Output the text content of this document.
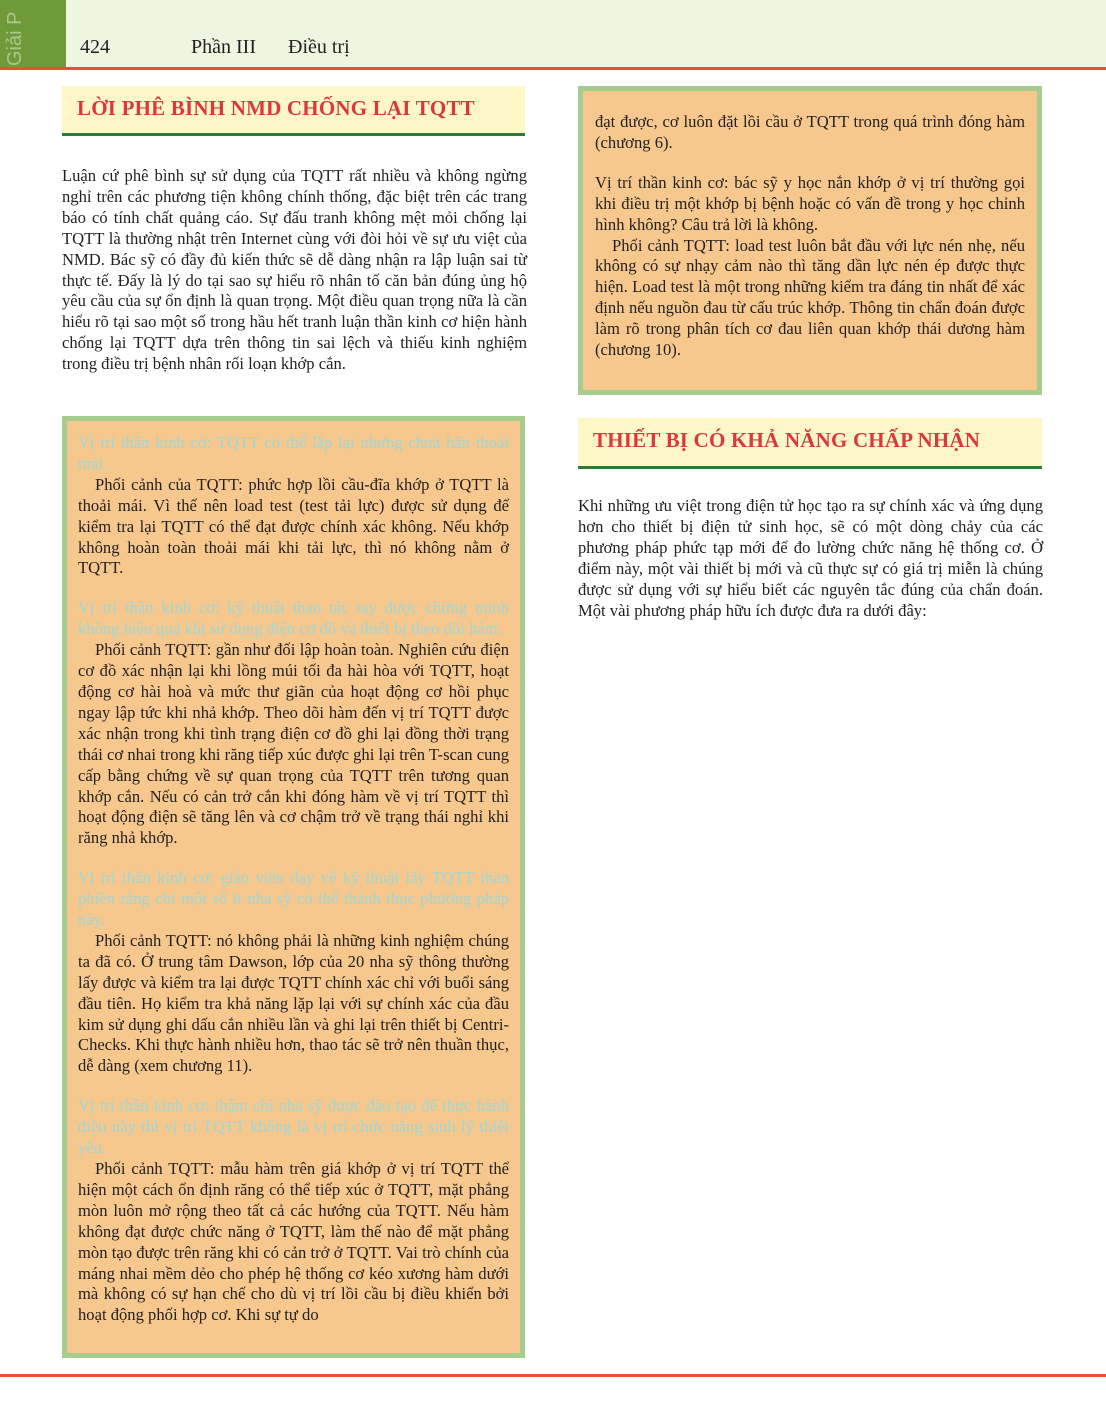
Giải P	424	Phần III Điều trị
LỜI PHÊ BÌNH NMD CHỐNG LẠI TQTT

Luận cứ phê bình sự sử dụng của TQTT rất nhiều và không ngừng nghỉ trên các phương tiện không chính thống, đặc biệt trên các trang báo có tính chất quảng cáo. Sự đấu tranh không mệt mỏi chống lại TQTT là thường nhật trên Internet cùng với đòi hỏi về sự ưu việt của NMD. Bác sỹ có đầy đủ kiến thức sẽ dễ dàng nhận ra lập luận sai từ thực tế. Đấy là lý do tại sao sự hiểu rõ nhân tố căn bản đúng ủng hộ yêu cầu của sự ổn định là quan trọng. Một điều quan trọng nữa là cần hiểu rõ tại sao một số trong hầu hết tranh luận thần kinh cơ hiện hành chống lại TQTT dựa trên thông tin sai lệch và thiếu kinh nghiệm trong điều trị bệnh nhân rối loạn khớp cắn.

Vị trí thần kinh cơ: TQTT có thể lặp lại nhưng chưa hẳn thoải mái

Phối cảnh của TQTT: phức hợp lồi cầu-đĩa khớp ở TQTT là thoải mái. Vì thế nên load test (test tải lực) được sử dụng để kiểm tra lại TQTT có thể đạt được chính xác không. Nếu khớp không hoàn toàn thoải mái khi tải lực, thì nó không nằm ở TQTT.

Vị trí thần kinh cơ: kỹ thuật thao tác tay được chứng minh không hiệu quả khi sử dụng điện cơ đồ và thiết bị theo dõi hàm.

Phối cảnh TQTT: gần như đối lập hoàn toàn. Nghiên cứu điện cơ đồ xác nhận lại khi lồng múi tối đa hài hòa với TQTT, hoạt động cơ hài hoà và mức thư giãn của hoạt động cơ hồi phục ngay lập tức khi nhả khớp. Theo dõi hàm đến vị trí TQTT được xác nhận trong khi tình trạng điện cơ đồ ghi lại đồng thời trạng thái cơ nhai trong khi răng tiếp xúc được ghi lại trên T-scan cung cấp bằng chứng về sự quan trọng của TQTT trên tương quan khớp cắn. Nếu có cản trở cắn khi đóng hàm về vị trí TQTT thì hoạt động điện sẽ tăng lên và cơ chậm trở về trạng thái nghỉ khi răng nhả khớp.

Vị trí thần kinh cơ: giáo viên dạy về kỹ thuật lấy TQTT than phiền rằng chỉ một số ít nha sỹ có thể thành thục phương pháp này.

Phối cảnh TQTT: nó không phải là những kinh nghiệm chúng ta đã có. Ở trung tâm Dawson, lớp của 20 nha sỹ thông thường lấy được và kiểm tra lại được TQTT chính xác chỉ với buổi sáng đầu tiên. Họ kiểm tra khả năng lặp lại với sự chính xác của đầu kim sử dụng ghi dấu cắn nhiều lần và ghi lại trên thiết bị Centri-Checks. Khi thực hành nhiều hơn, thao tác sẽ trở nên thuần thục, dễ dàng (xem chương 11).

Vị trí thần kinh cơ: thậm chí nha sỹ được đào tạo để thực hành điều này thì vị trí TQTT không là vị trí chức năng sinh lý thiết yếu.

Phối cảnh TQTT: mẫu hàm trên giá khớp ở vị trí TQTT thể hiện một cách ổn định răng có thể tiếp xúc ở TQTT, mặt phẳng mòn luôn mở rộng theo tất cả các hướng của TQTT. Nếu hàm không đạt được chức năng ở TQTT, làm thế nào để mặt phẳng mòn tạo được trên răng khi có cản trở ở TQTT. Vai trò chính của máng nhai mềm dẻo cho phép hệ thống cơ kéo xương hàm dưới mà không có sự hạn chế cho dù vị trí lồi cầu bị điều khiển bởi hoạt động phối hợp cơ. Khi sự tự do

đạt được, cơ luôn đặt lồi cầu ở TQTT trong quá trình đóng hàm (chương 6).

Vị trí thần kinh cơ: bác sỹ y học nắn khớp ở vị trí thường gọi khi điều trị một khớp bị bệnh hoặc có vấn đề trong y học chỉnh hình không? Câu trả lời là không.

Phối cảnh TQTT: load test luôn bắt đầu với lực nén nhẹ, nếu không có sự nhạy cảm nào thì tăng dần lực nén ép được thực hiện. Load test là một trong những kiểm tra đáng tin nhất để xác định nếu nguồn đau từ cấu trúc khớp. Thông tin chẩn đoán được làm rõ trong phân tích cơ đau liên quan khớp thái dương hàm (chương 10).

THIẾT BỊ CÓ KHẢ NĂNG CHẤP NHẬN

Khi những ưu việt trong điện tử học tạo ra sự chính xác và ứng dụng hơn cho thiết bị điện tử sinh học, sẽ có một dòng chảy của các phương pháp phức tạp mới để đo lường chức năng hệ thống cơ. Ở điểm này, một vài thiết bị mới và cũ thực sự có giá trị miễn là chúng được sử dụng với sự hiểu biết các nguyên tắc đúng của chẩn đoán. Một vài phương pháp hữu ích được đưa ra dưới đây:
